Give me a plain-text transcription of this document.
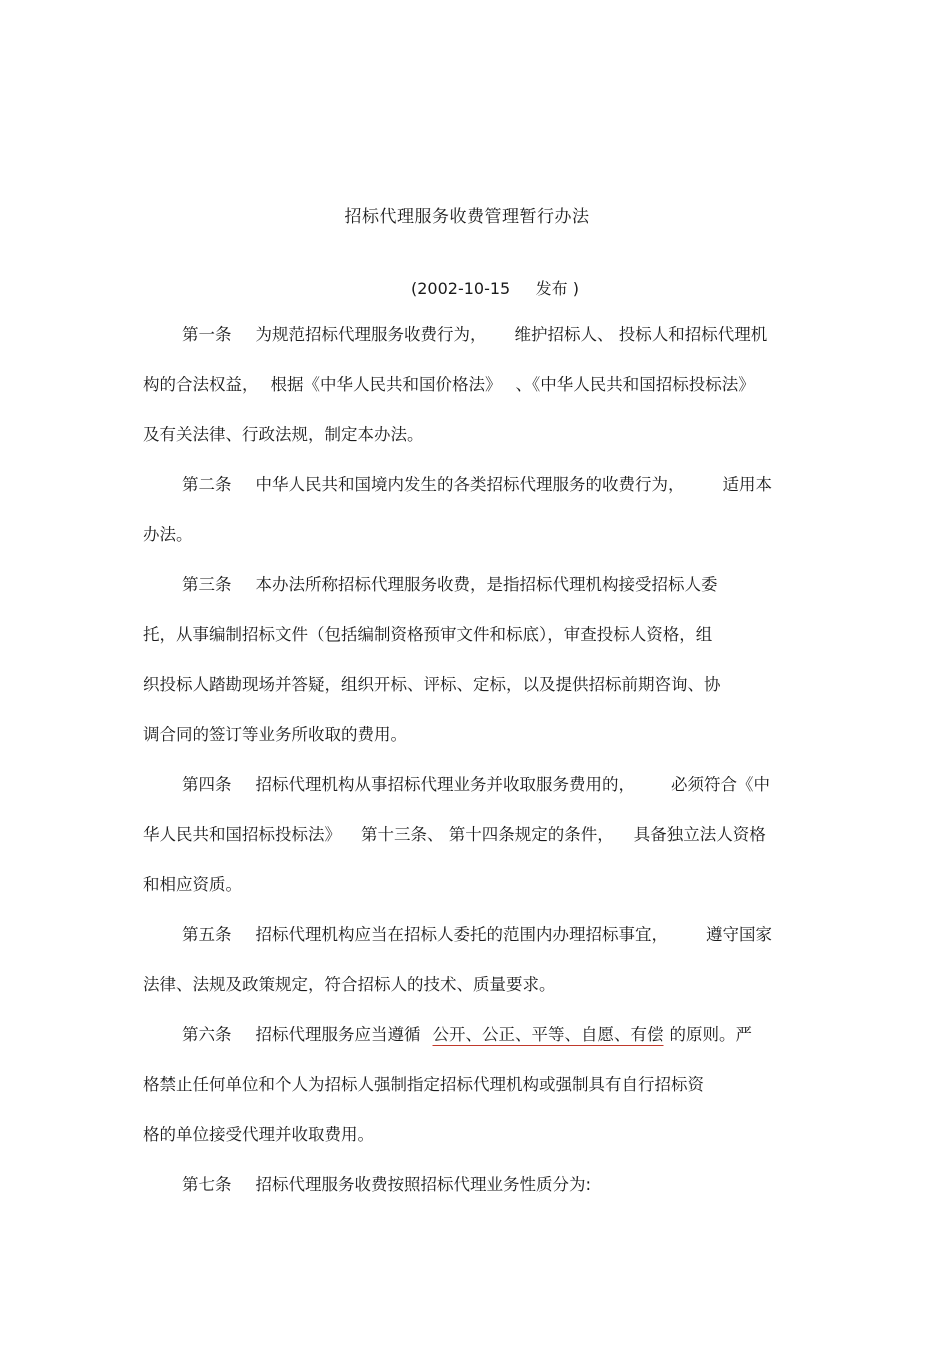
招标代理服务收费管理暂行办法
(2002-10-15 发布 )
第一条 为规范招标代理服务收费行为， 维护招标人、 投标人和招标代理机
构的合法权益， 根据《中华人民共和国价格法》 、《中华人民共和国招标投标法》
及有关法律、行政法规，制定本办法。
第二条 中华人民共和国境内发生的各类招标代理服务的收费行为， 适用本
办法。
第三条 本办法所称招标代理服务收费，是指招标代理机构接受招标人委
托，从事编制招标文件（包括编制资格预审文件和标底），审查投标人资格，组
织投标人踏勘现场并答疑，组织开标、评标、定标，以及提供招标前期咨询、协
调合同的签订等业务所收取的费用。
第四条 招标代理机构从事招标代理业务并收取服务费用的， 必须符合《中
华人民共和国招标投标法》 第十三条、 第十四条规定的条件， 具备独立法人资格
和相应资质。
第五条 招标代理机构应当在招标人委托的范围内办理招标事宜， 遵守国家
法律、法规及政策规定，符合招标人的技术、质量要求。
第六条 招标代理服务应当遵循 公开、公正、平等、自愿、有偿 的原则。严
格禁止任何单位和个人为招标人强制指定招标代理机构或强制具有自行招标资
格的单位接受代理并收取费用。
第七条 招标代理服务收费按照招标代理业务性质分为:
